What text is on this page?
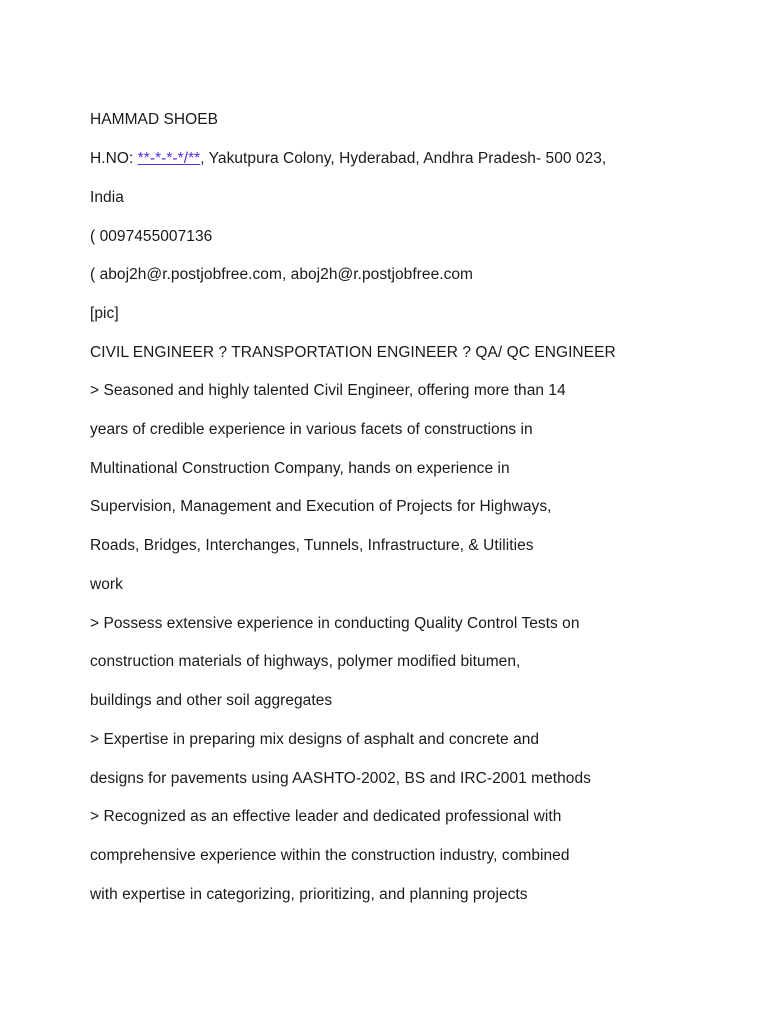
HAMMAD SHOEB
H.NO: **-*-*-*/**, Yakutpura Colony, Hyderabad, Andhra Pradesh- 500 023,
India
( 0097455007136
( aboj2h@r.postjobfree.com, aboj2h@r.postjobfree.com
[pic]
CIVIL ENGINEER ? TRANSPORTATION ENGINEER ? QA/ QC ENGINEER
> Seasoned and highly talented Civil Engineer, offering more than 14
years of credible experience in various facets of constructions in
Multinational Construction Company, hands on experience in
Supervision, Management and Execution of Projects for Highways,
Roads, Bridges, Interchanges, Tunnels, Infrastructure, & Utilities
work
> Possess extensive experience in conducting Quality Control Tests on
construction materials of highways, polymer modified bitumen,
buildings and other soil aggregates
> Expertise in preparing mix designs of asphalt and concrete and
designs for pavements using AASHTO-2002, BS and IRC-2001 methods
> Recognized as an effective leader and dedicated professional with
comprehensive experience within the construction industry, combined
with expertise in categorizing, prioritizing, and planning projects
